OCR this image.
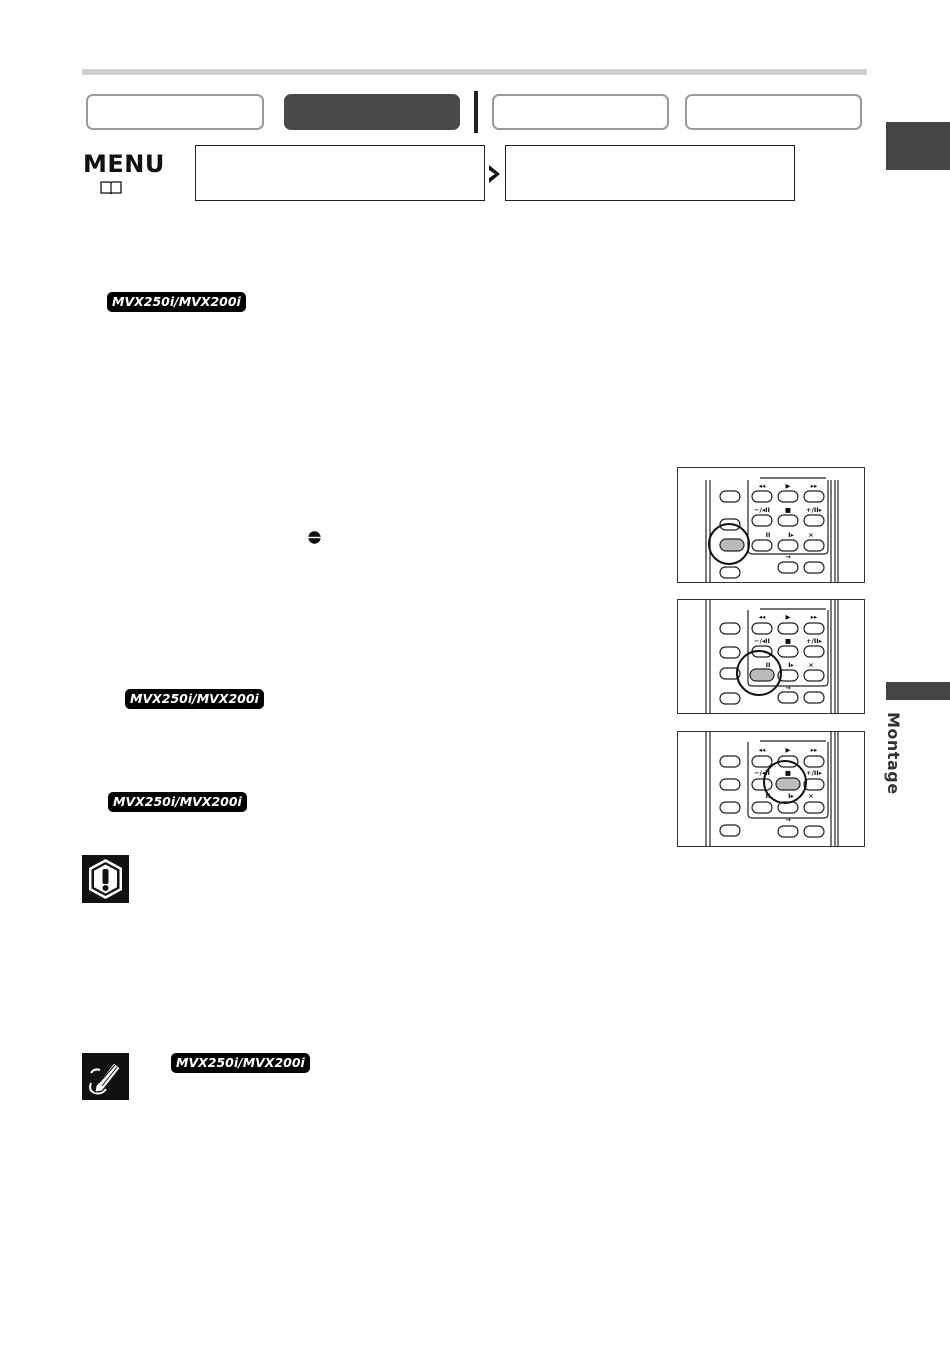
MENU
Montage
MVX250i/MVX200i
MVX250i/MVX200i
MVX250i/MVX200i
MVX250i/MVX200i
◂◂	▶	▸▸
−/◂II ■ +/II▸
II	I▸ ×
→
◂◂	▶	▸▸
−/◂II ■ +/II▸
II	I▸ ×
→
◂◂	▶	▸▸
−/◂II ■ +/II▸
II	I▸ ×
→
